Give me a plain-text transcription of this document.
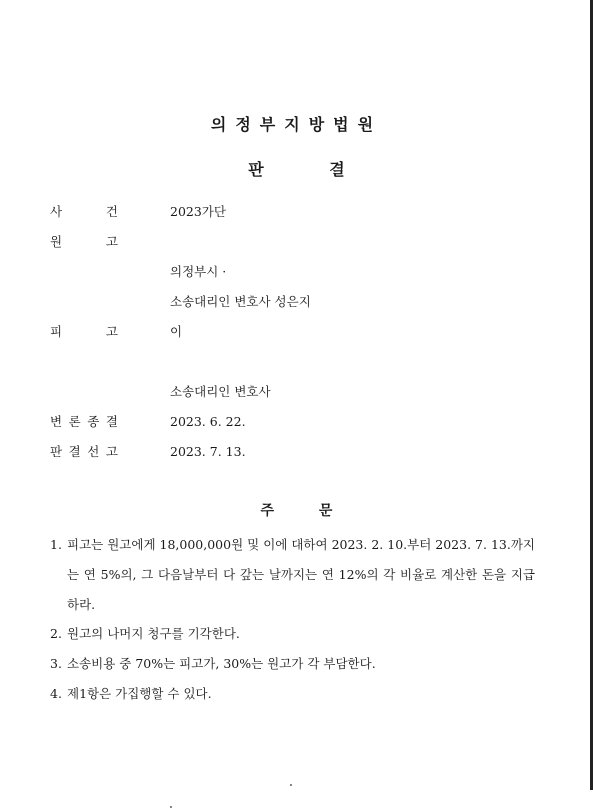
의정부지방법원
판 결
사	건	2023가단
원	고
의정부시 ·
소송대리인 변호사 성은지
피	고	이
소송대리인 변호사
변 론 종 결	2023. 6. 22.
판 결 선 고	2023. 7. 13.
주 문
1. 피고는 원고에게 18,000,000원 및 이에 대하여 2023. 2. 10.부터 2023. 7. 13.까지는 연 5%의, 그 다음날부터 다 갚는 날까지는 연 12%의 각 비율로 계산한 돈을 지급하라.
2. 원고의 나머지 청구를 기각한다.
3. 소송비용 중 70%는 피고가, 30%는 원고가 각 부담한다.
4. 제1항은 가집행할 수 있다.
